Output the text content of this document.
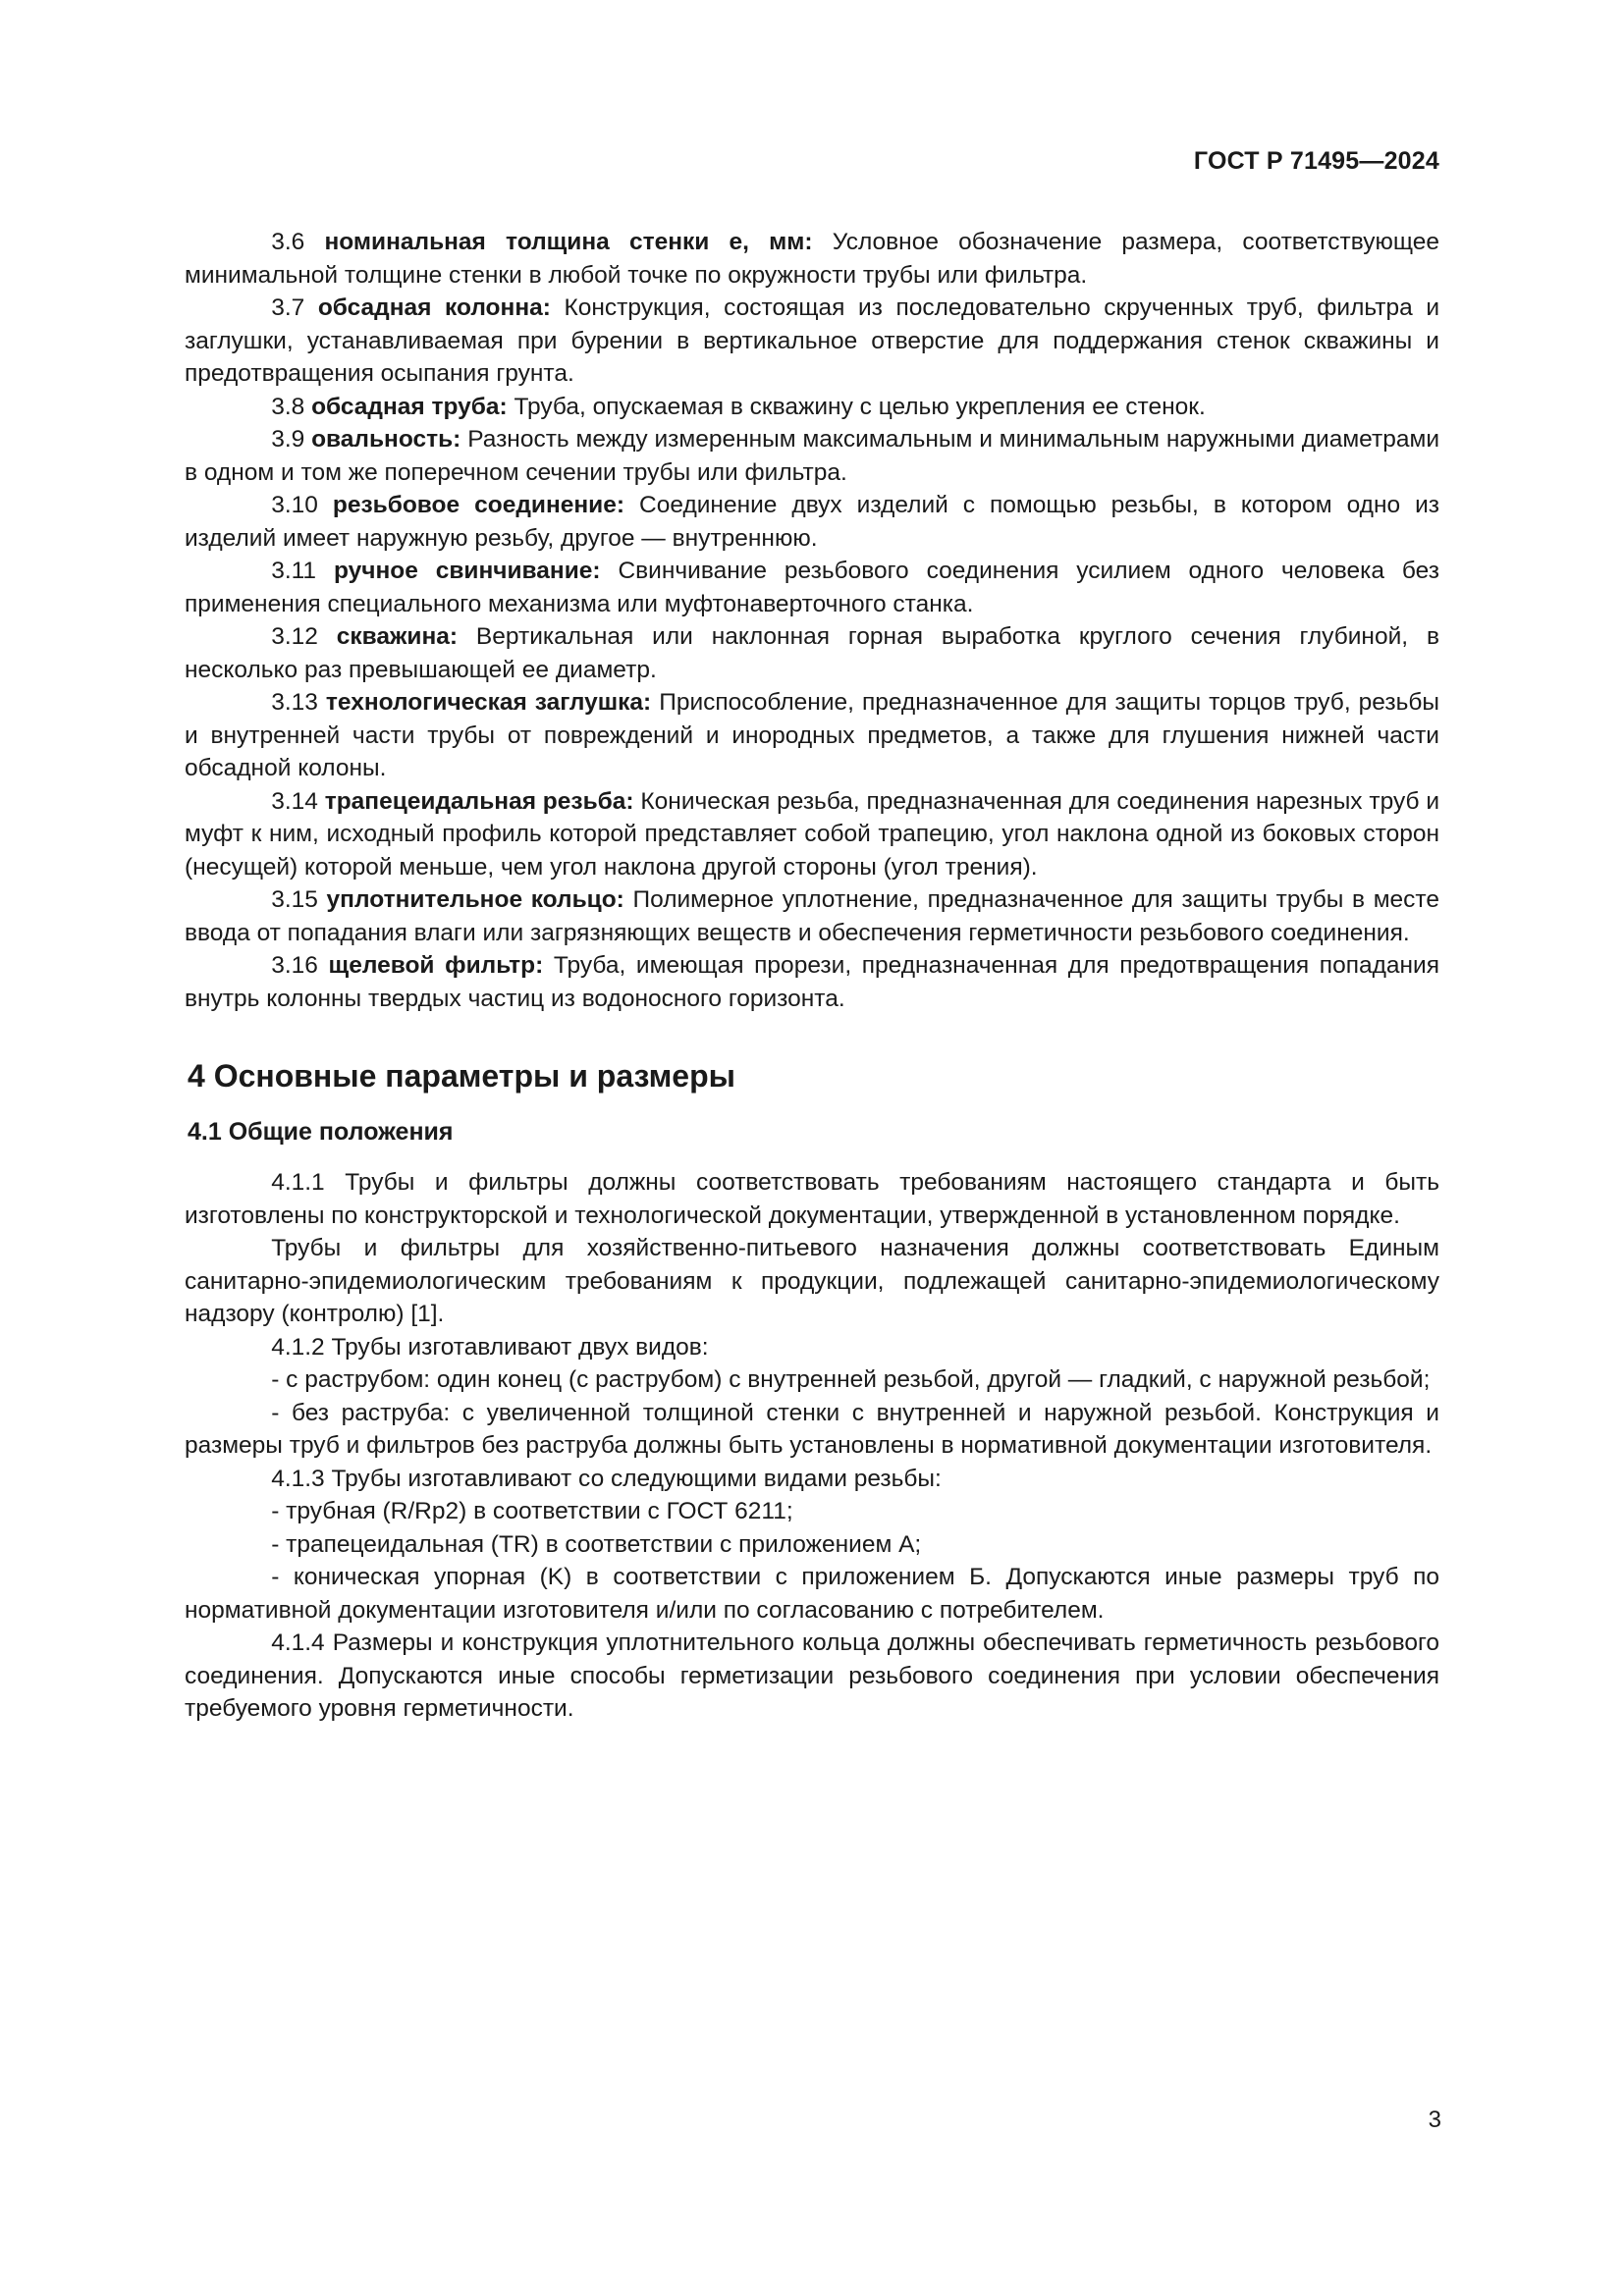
ГОСТ Р 71495—2024

3.6 номинальная толщина стенки e, мм: Условное обозначение размера, соответствующее минимальной толщине стенки в любой точке по окружности трубы или фильтра.

3.7 обсадная колонна: Конструкция, состоящая из последовательно скрученных труб, фильтра и заглушки, устанавливаемая при бурении в вертикальное отверстие для поддержания стенок скважины и предотвращения осыпания грунта.

3.8 обсадная труба: Труба, опускаемая в скважину с целью укрепления ее стенок.

3.9 овальность: Разность между измеренным максимальным и минимальным наружными диаметрами в одном и том же поперечном сечении трубы или фильтра.

3.10 резьбовое соединение: Соединение двух изделий с помощью резьбы, в котором одно из изделий имеет наружную резьбу, другое — внутреннюю.

3.11 ручное свинчивание: Свинчивание резьбового соединения усилием одного человека без применения специального механизма или муфтонаверточного станка.

3.12 скважина: Вертикальная или наклонная горная выработка круглого сечения глубиной, в несколько раз превышающей ее диаметр.

3.13 технологическая заглушка: Приспособление, предназначенное для защиты торцов труб, резьбы и внутренней части трубы от повреждений и инородных предметов, а также для глушения нижней части обсадной колоны.

3.14 трапецеидальная резьба: Коническая резьба, предназначенная для соединения нарезных труб и муфт к ним, исходный профиль которой представляет собой трапецию, угол наклона одной из боковых сторон (несущей) которой меньше, чем угол наклона другой стороны (угол трения).

3.15 уплотнительное кольцо: Полимерное уплотнение, предназначенное для защиты трубы в месте ввода от попадания влаги или загрязняющих веществ и обеспечения герметичности резьбового соединения.

3.16 щелевой фильтр: Труба, имеющая прорези, предназначенная для предотвращения попадания внутрь колонны твердых частиц из водоносного горизонта.

4 Основные параметры и размеры
4.1 Общие положения

4.1.1 Трубы и фильтры должны соответствовать требованиям настоящего стандарта и быть изготовлены по конструкторской и технологической документации, утвержденной в установленном порядке.

Трубы и фильтры для хозяйственно-питьевого назначения должны соответствовать Единым санитарно-эпидемиологическим требованиям к продукции, подлежащей санитарно-эпидемиологическому надзору (контролю) [1].

4.1.2 Трубы изготавливают двух видов:

- с раструбом: один конец (с раструбом) с внутренней резьбой, другой — гладкий, с наружной резьбой;

- без раструба: с увеличенной толщиной стенки с внутренней и наружной резьбой. Конструкция и размеры труб и фильтров без раструба должны быть установлены в нормативной документации изготовителя.

4.1.3 Трубы изготавливают со следующими видами резьбы:

- трубная (R/Rp2) в соответствии с ГОСТ 6211;

- трапецеидальная (TR) в соответствии с приложением А;

- коническая упорная (K) в соответствии с приложением Б. Допускаются иные размеры труб по нормативной документации изготовителя и/или по согласованию с потребителем.

4.1.4 Размеры и конструкция уплотнительного кольца должны обеспечивать герметичность резьбового соединения. Допускаются иные способы герметизации резьбового соединения при условии обеспечения требуемого уровня герметичности.

3
